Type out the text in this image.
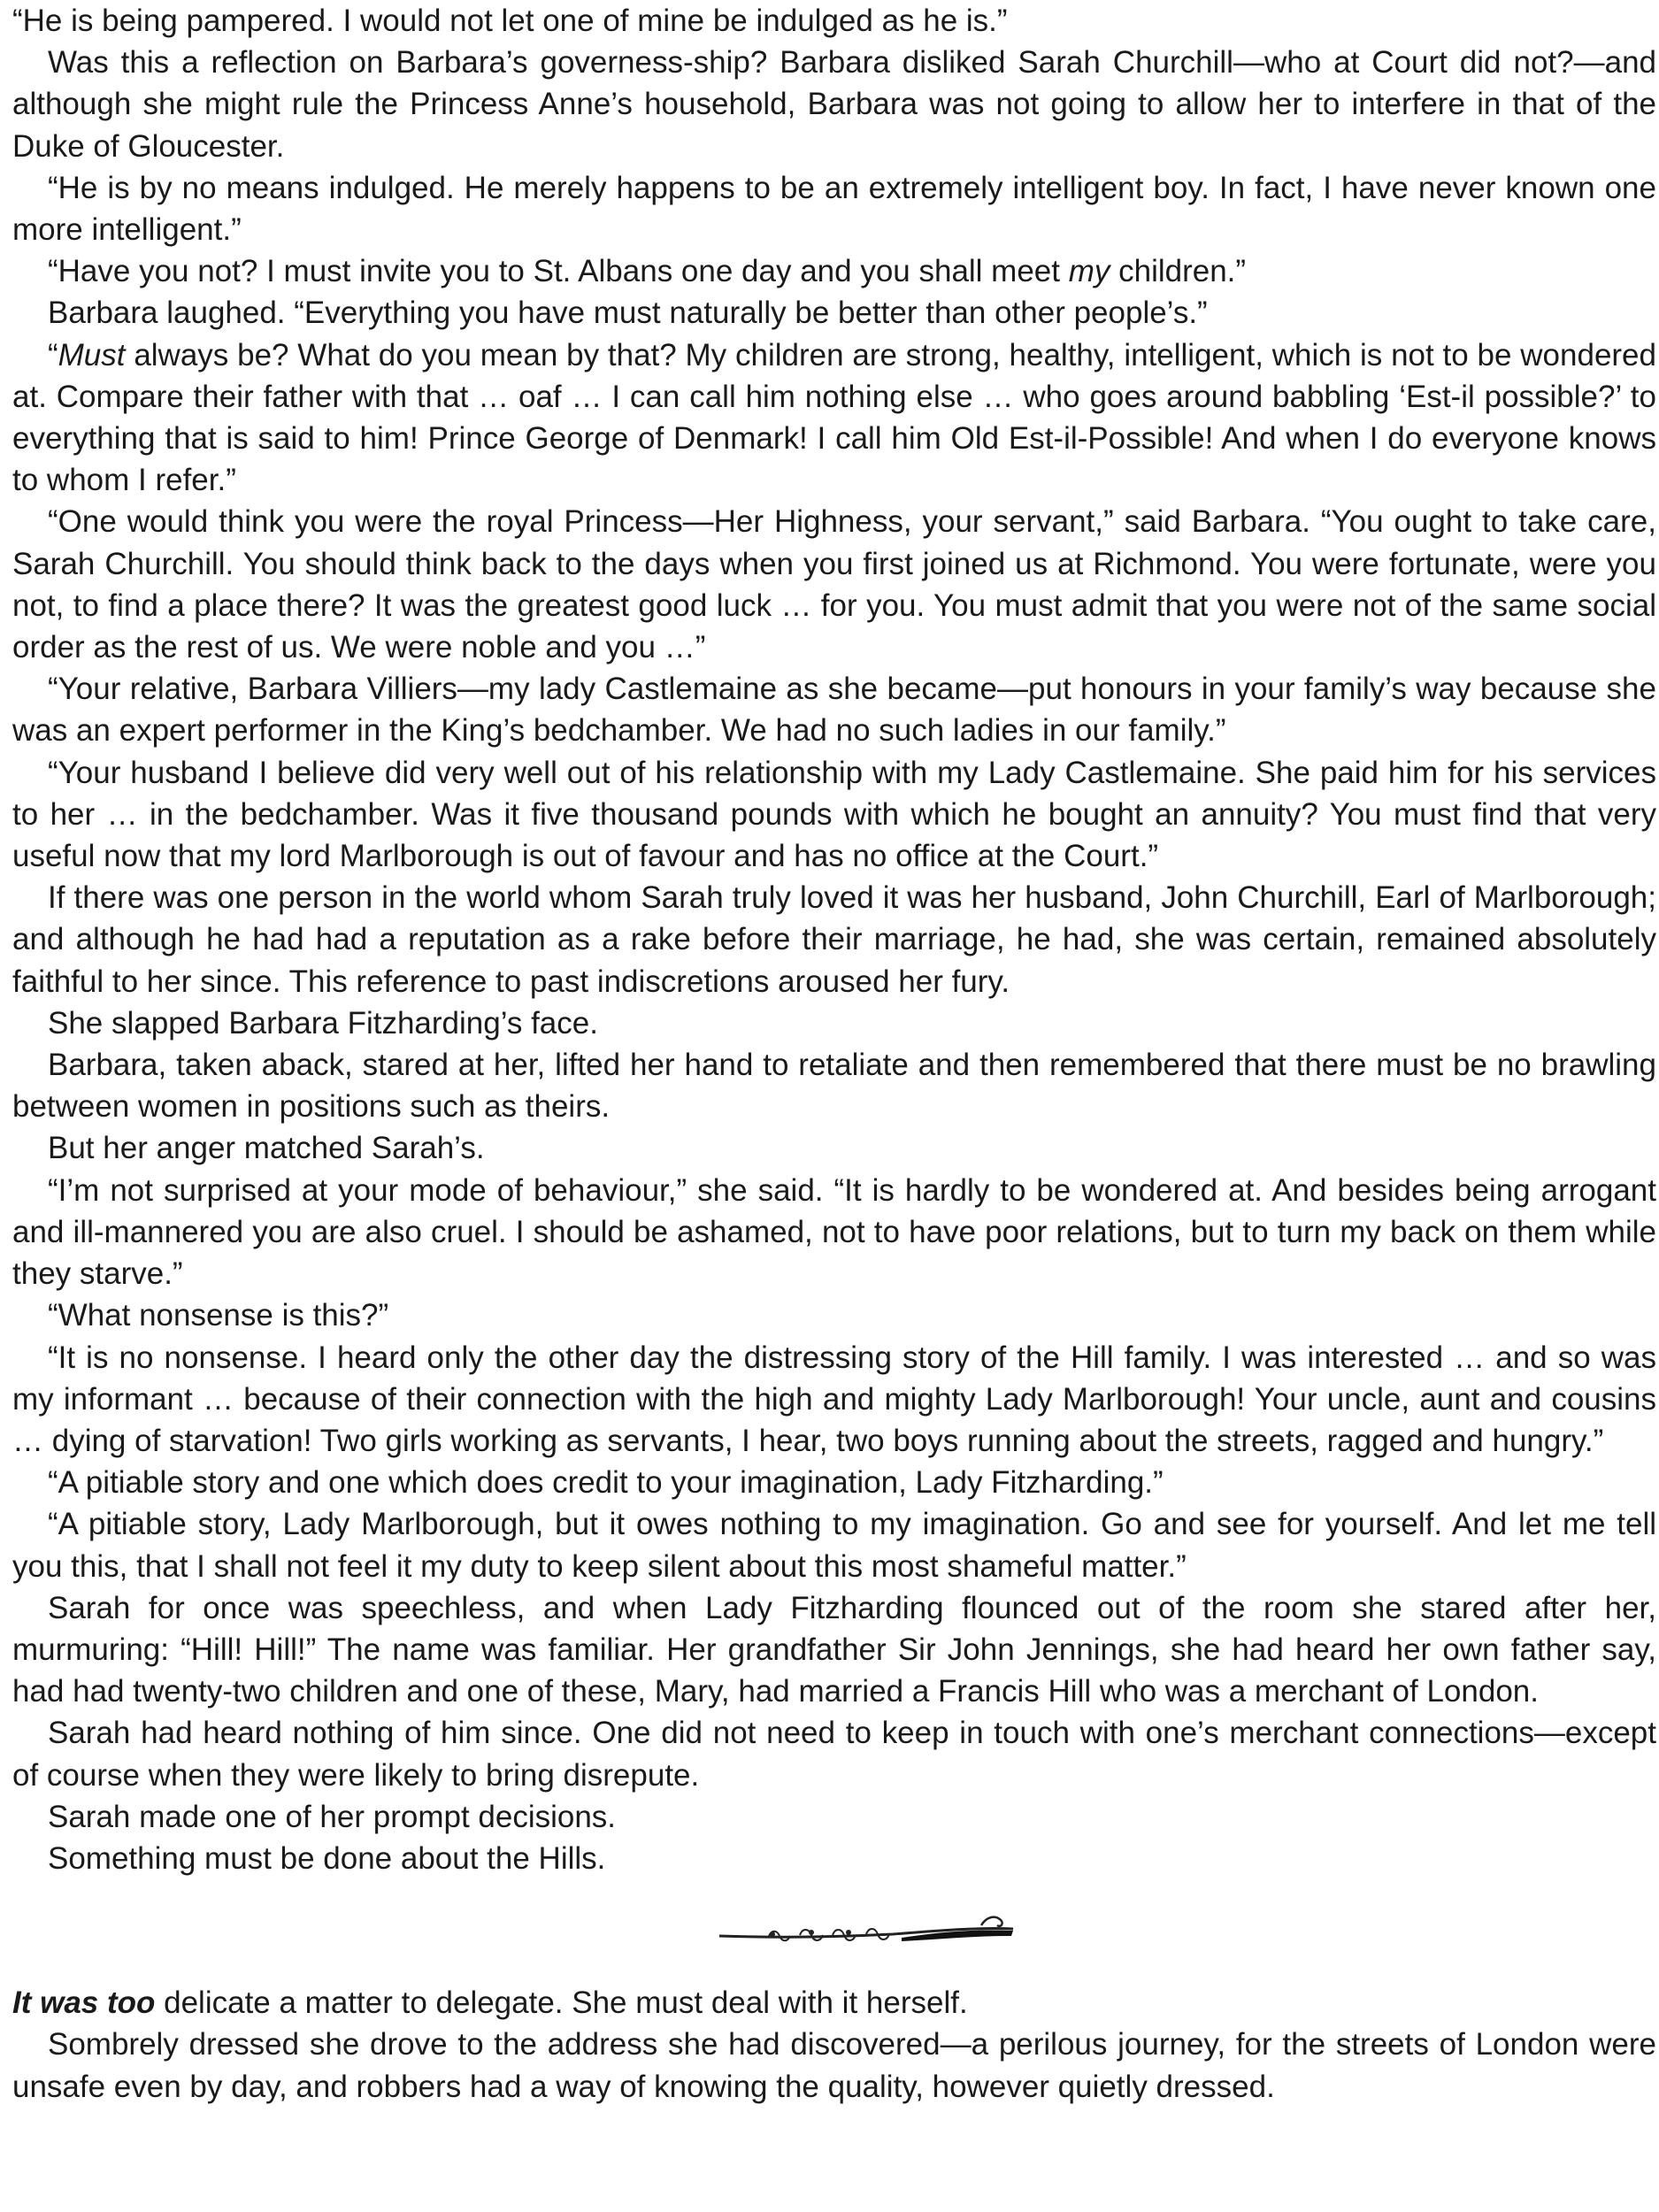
“He is being pampered. I would not let one of mine be indulged as he is.”

Was this a reflection on Barbara’s governess-ship? Barbara disliked Sarah Churchill—who at Court did not?—and although she might rule the Princess Anne’s household, Barbara was not going to allow her to interfere in that of the Duke of Gloucester.

“He is by no means indulged. He merely happens to be an extremely intelligent boy. In fact, I have never known one more intelligent.”

“Have you not? I must invite you to St. Albans one day and you shall meet my children.”

Barbara laughed. “Everything you have must naturally be better than other people’s.”

“Must always be? What do you mean by that? My children are strong, healthy, intelligent, which is not to be wondered at. Compare their father with that … oaf … I can call him nothing else … who goes around babbling ‘Est-il possible?’ to everything that is said to him! Prince George of Denmark! I call him Old Est-il-Possible! And when I do everyone knows to whom I refer.”

“One would think you were the royal Princess—Her Highness, your servant,” said Barbara. “You ought to take care, Sarah Churchill. You should think back to the days when you first joined us at Richmond. You were fortunate, were you not, to find a place there? It was the greatest good luck … for you. You must admit that you were not of the same social order as the rest of us. We were noble and you …”

“Your relative, Barbara Villiers—my lady Castlemaine as she became—put honours in your family’s way because she was an expert performer in the King’s bedchamber. We had no such ladies in our family.”

“Your husband I believe did very well out of his relationship with my Lady Castlemaine. She paid him for his services to her … in the bedchamber. Was it five thousand pounds with which he bought an annuity? You must find that very useful now that my lord Marlborough is out of favour and has no office at the Court.”

If there was one person in the world whom Sarah truly loved it was her husband, John Churchill, Earl of Marlborough; and although he had had a reputation as a rake before their marriage, he had, she was certain, remained absolutely faithful to her since. This reference to past indiscretions aroused her fury.

She slapped Barbara Fitzharding’s face.

Barbara, taken aback, stared at her, lifted her hand to retaliate and then remembered that there must be no brawling between women in positions such as theirs.

But her anger matched Sarah’s.

“I’m not surprised at your mode of behaviour,” she said. “It is hardly to be wondered at. And besides being arrogant and ill-mannered you are also cruel. I should be ashamed, not to have poor relations, but to turn my back on them while they starve.”

“What nonsense is this?”

“It is no nonsense. I heard only the other day the distressing story of the Hill family. I was interested … and so was my informant … because of their connection with the high and mighty Lady Marlborough! Your uncle, aunt and cousins … dying of starvation! Two girls working as servants, I hear, two boys running about the streets, ragged and hungry.”

“A pitiable story and one which does credit to your imagination, Lady Fitzharding.”

“A pitiable story, Lady Marlborough, but it owes nothing to my imagination. Go and see for yourself. And let me tell you this, that I shall not feel it my duty to keep silent about this most shameful matter.”

Sarah for once was speechless, and when Lady Fitzharding flounced out of the room she stared after her, murmuring: “Hill! Hill!” The name was familiar. Her grandfather Sir John Jennings, she had heard her own father say, had had twenty-two children and one of these, Mary, had married a Francis Hill who was a merchant of London.

Sarah had heard nothing of him since. One did not need to keep in touch with one’s merchant connections—except of course when they were likely to bring disrepute.

Sarah made one of her prompt decisions.

Something must be done about the Hills.

It was too delicate a matter to delegate. She must deal with it herself.

Sombrely dressed she drove to the address she had discovered—a perilous journey, for the streets of London were unsafe even by day, and robbers had a way of knowing the quality, however quietly dressed.
